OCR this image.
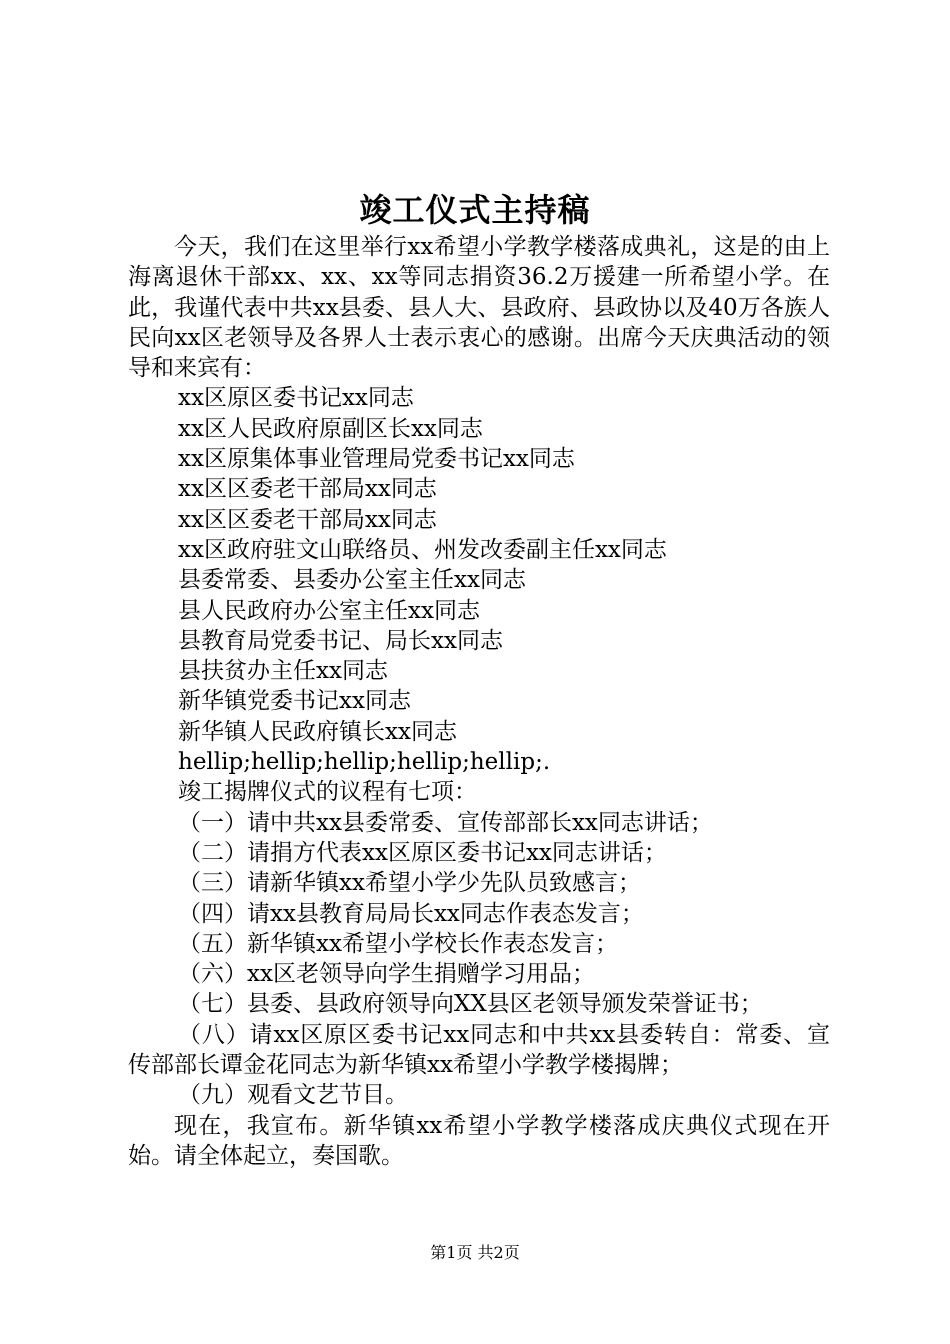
竣工仪式主持稿

今天，我们在这里举行xx希望小学教学楼落成典礼，这是的由上海离退休干部xx、xx、xx等同志捐资36.2万援建一所希望小学。在此，我谨代表中共xx县委、县人大、县政府、县政协以及40万各族人民向xx区老领导及各界人士表示衷心的感谢。出席今天庆典活动的领导和来宾有：

xx区原区委书记xx同志

xx区人民政府原副区长xx同志

xx区原集体事业管理局党委书记xx同志

xx区区委老干部局xx同志

xx区区委老干部局xx同志

xx区政府驻文山联络员、州发改委副主任xx同志

县委常委、县委办公室主任xx同志

县人民政府办公室主任xx同志

县教育局党委书记、局长xx同志

县扶贫办主任xx同志

新华镇党委书记xx同志

新华镇人民政府镇长xx同志

hellip;hellip;hellip;hellip;hellip;.

竣工揭牌仪式的议程有七项：

（一）请中共xx县委常委、宣传部部长xx同志讲话；

（二）请捐方代表xx区原区委书记xx同志讲话；

（三）请新华镇xx希望小学少先队员致感言；

（四）请xx县教育局局长xx同志作表态发言；

（五）新华镇xx希望小学校长作表态发言；

（六）xx区老领导向学生捐赠学习用品；

（七）县委、县政府领导向XX县区老领导颁发荣誉证书；

（八）请xx区原区委书记xx同志和中共xx县委转自：常委、宣传部部长谭金花同志为新华镇xx希望小学教学楼揭牌；

（九）观看文艺节目。

现在，我宣布。新华镇xx希望小学教学楼落成庆典仪式现在开始。请全体起立，奏国歌。

第1页 共2页
